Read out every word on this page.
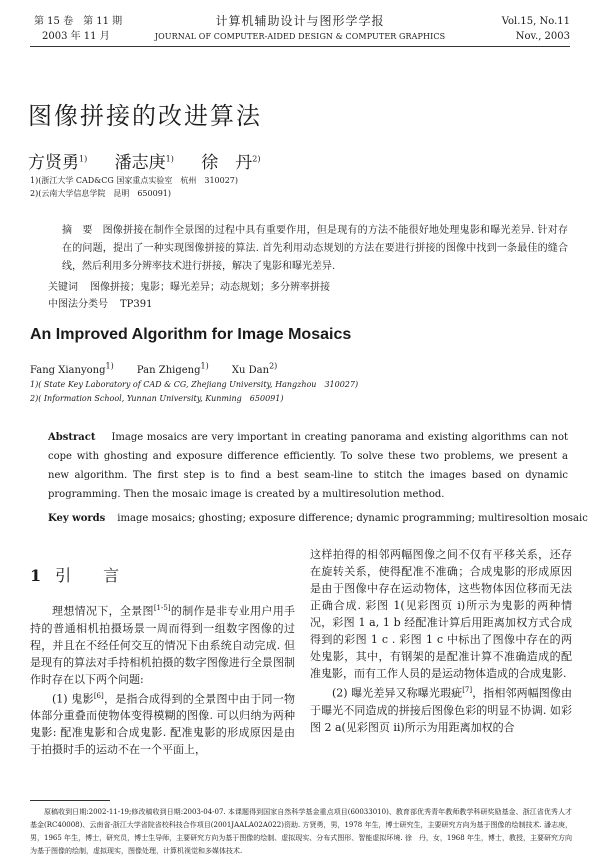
第 15 卷　第 11 期
2003 年 11 月
计算机辅助设计与图形学学报
JOURNAL OF COMPUTER-AIDED DESIGN & COMPUTER GRAPHICS
Vol.15, No.11
Nov., 2003
图像拼接的改进算法
方贤勇$^{1)}$ 潘志庚$^{1)}$ 徐　丹$^{2)}$
1)(浙江大学 CAD&CG 国家重点实验室　杭州　310027)
2)(云南大学信息学院　昆明　650091)
摘　要 图像拼接在制作全景图的过程中具有重要作用，但是现有的方法不能很好地处理鬼影和曝光差异. 针对存在的问题，提出了一种实现图像拼接的算法. 首先利用动态规划的方法在要进行拼接的图像中找到一条最佳的缝合线，然后利用多分辨率技术进行拼接，解决了鬼影和曝光差异.
关键词 图像拼接；鬼影；曝光差异；动态规划；多分辨率拼接
中图法分类号 TP391
An Improved Algorithm for Image Mosaics
Fang Xianyong$^{1)}$ Pan Zhigeng$^{1)}$ Xu Dan$^{2)}$
1)( State Key Laboratory of CAD & CG, Zhejiang University, Hangzhou　310027)
2)( Information School, Yunnan University, Kunming　650091)
Abstract Image mosaics are very important in creating panorama and existing algorithms can not cope with ghosting and exposure difference efficiently. To solve these two problems, we present a new algorithm. The first step is to find a best seam-line to stitch the images based on dynamic programming. Then the mosaic image is created by a multiresolution method.
Key words image mosaics; ghosting; exposure difference; dynamic programming; multiresoltion mosaic
1 引　　言

理想情况下，全景图[1-5]的制作是非专业用户用手持的普通相机拍摄场景一周而得到一组数字图像的过程，并且在不经任何交互的情况下由系统自动完成. 但是现有的算法对手持相机拍摄的数字图像进行全景图制作时存在以下两个问题:

(1) 鬼影[6]，是指合成得到的全景图中由于同一物体部分重叠而使物体变得模糊的图像. 可以归纳为两种鬼影: 配准鬼影和合成鬼影. 配准鬼影的形成原因是由于拍摄时手的运动不在一个平面上，

这样拍得的相邻两幅图像之间不仅有平移关系，还存在旋转关系，使得配准不准确；合成鬼影的形成原因是由于图像中存在运动物体，这些物体因位移而无法正确合成. 彩图 1(见彩图页 i)所示为鬼影的两种情况，彩图 1 a, 1 b 经配准计算后用距离加权方式合成得到的彩图 1 c . 彩图 1 c 中标出了图像中存在的两处鬼影，其中，有钢架的是配准计算不准确造成的配准鬼影，而有工作人员的是运动物体造成的合成鬼影.

(2) 曝光差异又称曝光瑕疵[7]，指相邻两幅图像由于曝光不同造成的拼接后图像色彩的明显不协调. 如彩图 2 a(见彩图页 ii)所示为用距离加权的合

原稿收到日期:2002-11-19;修改稿收到日期:2003-04-07. 本课题得到国家自然科学基金重点项目(60033010)、教育部优秀青年教师教学科研奖励基金、浙江省优秀人才基金(RC40008)、云南省-浙江大学省院省校科技合作项目(2001JAALA02A022)资助. 方贤勇，男，1978 年生，博士研究生，主要研究方向为基于图像的绘制技术. 潘志庚，男，1965 年生，博士，研究员，博士生导师，主要研究方向为基于图像的绘制、虚拟现实、分布式图形、智能虚拟环境. 徐　丹，女，1968 年生，博士，教授，主要研究方向为基于图像的绘制，虚拟现实，图像处理，计算机视觉和多媒体技术.
